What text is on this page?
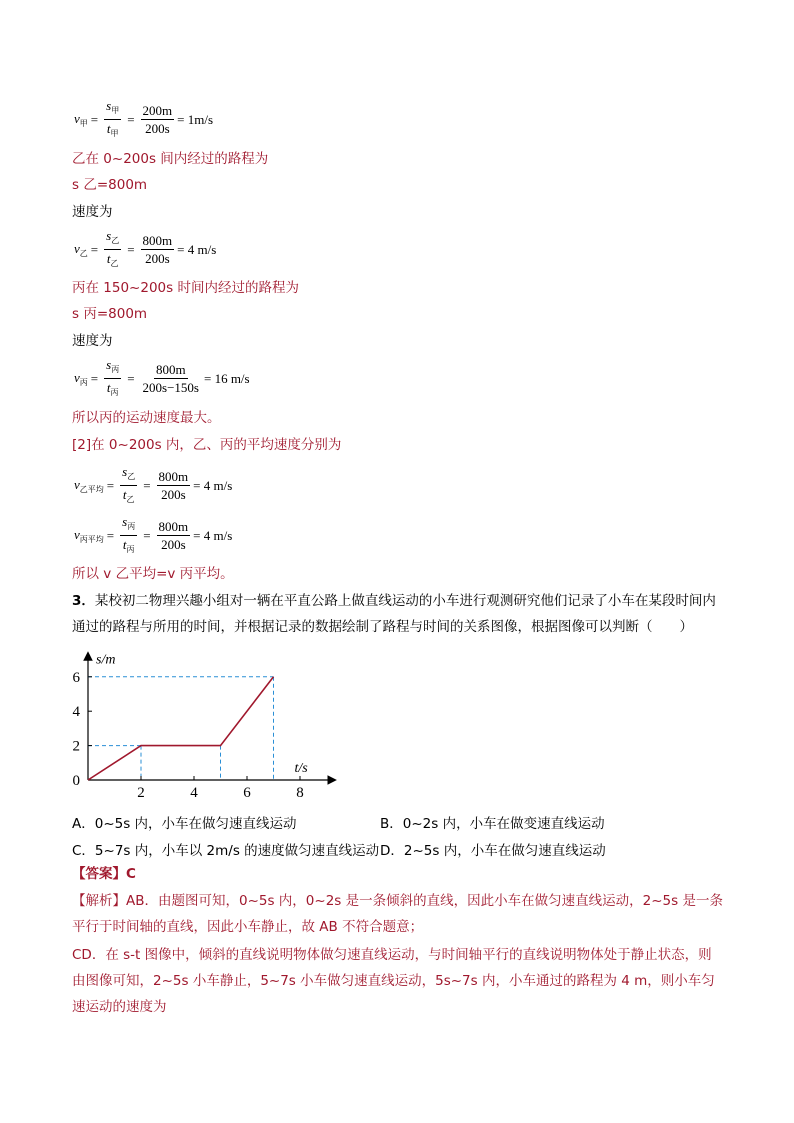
$v_甲 = \frac{s_甲}{t_甲} = \frac{200m}{200s} = 1m/s$
乙在 0~200s 间内经过的路程为
s 乙=800m
速度为
$v_乙 = \frac{s_乙}{t_乙} = \frac{800m}{200s} = 4$ m/s
丙在 150~200s 时间内经过的路程为
s 丙=800m
速度为
$v_丙 = \frac{s_丙}{t_丙} = \frac{800m}{200s-150s} = 16$ m/s
所以丙的运动速度最大。
[2]在 0~200s 内，乙、丙的平均速度分别为
$v_{乙平均} = \frac{s_乙}{t_乙} = \frac{800m}{200s} = 4$ m/s
$v_{丙平均} = \frac{s_丙}{t_丙} = \frac{800m}{200s} = 4$ m/s
所以 v 乙平均=v 丙平均。
3．某校初二物理兴趣小组对一辆在平直公路上做直线运动的小车进行观测研究他们记录了小车在某段时间内通过的路程与所用的时间，并根据记录的数据绘制了路程与时间的关系图像，根据图像可以判断（　　）
2	4	6	8
0
2
4
6
s/m
t/s
A．0~5s 内，小车在做匀速直线运动	B．0~2s 内，小车在做变速直线运动
C．5~7s 内，小车以 2m/s 的速度做匀速直线运动 D．2~5s 内，小车在做匀速直线运动
【答案】C
【解析】AB．由题图可知，0~5s 内，0~2s 是一条倾斜的直线，因此小车在做匀速直线运动，2~5s 是一条平行于时间轴的直线，因此小车静止，故 AB 不符合题意；
CD．在 s-t 图像中，倾斜的直线说明物体做匀速直线运动，与时间轴平行的直线说明物体处于静止状态，则由图像可知，2~5s 小车静止，5~7s 小车做匀速直线运动，5s~7s 内，小车通过的路程为 4 m，则小车匀速运动的速度为
